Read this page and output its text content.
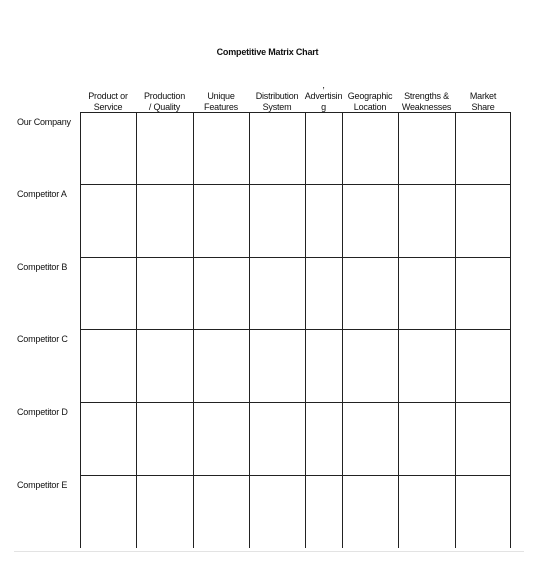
Competitive Matrix Chart
Product or
Service
Production
/ Quality
Unique
Features
Distribution
System
,
Advertisin
g
Geographic
Location
Strengths &
Weaknesses
Market
Share
Our Company
Competitor A
Competitor B
Competitor C
Competitor D
Competitor E
